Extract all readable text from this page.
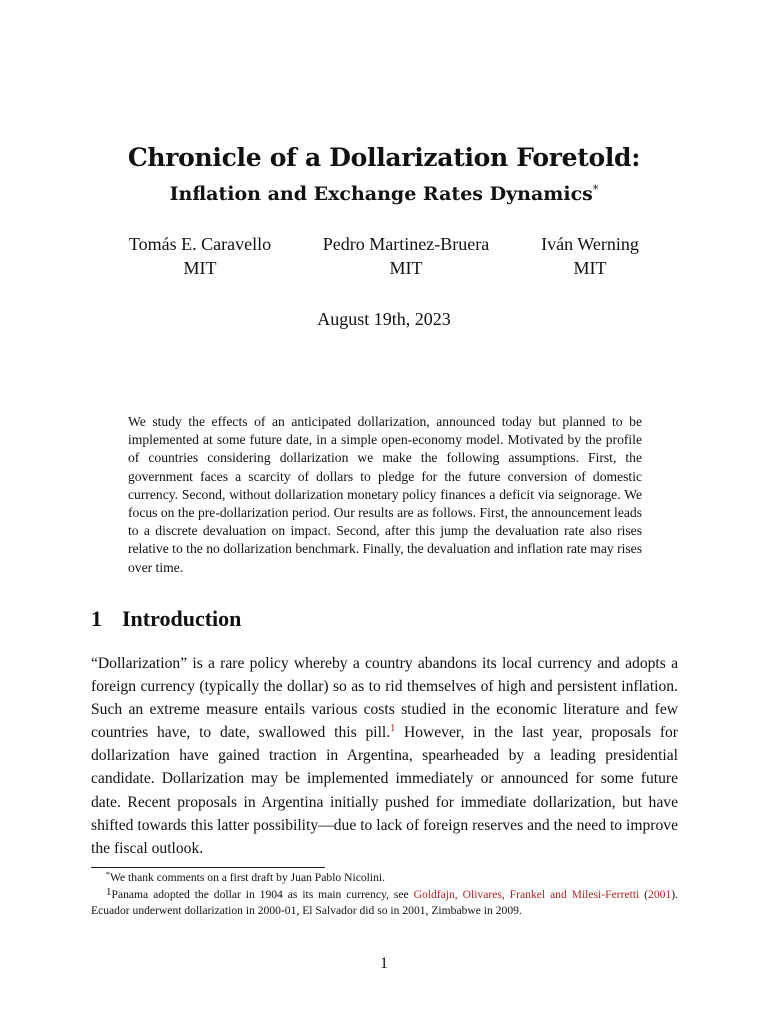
Chronicle of a Dollarization Foretold:
Inflation and Exchange Rates Dynamics*
Tomás E. Caravello
MIT
Pedro Martinez-Bruera
MIT
Iván Werning
MIT
August 19th, 2023

We study the effects of an anticipated dollarization, announced today but planned to be implemented at some future date, in a simple open-economy model. Motivated by the profile of countries considering dollarization we make the following assumptions. First, the government faces a scarcity of dollars to pledge for the future conversion of domestic currency. Second, without dollarization monetary policy finances a deficit via seignorage. We focus on the pre-dollarization period. Our results are as follows. First, the announcement leads to a discrete devaluation on impact. Second, after this jump the devaluation rate also rises relative to the no dollarization benchmark. Finally, the devaluation and inflation rate may rises over time.

1 Introduction

“Dollarization” is a rare policy whereby a country abandons its local currency and adopts a foreign currency (typically the dollar) so as to rid themselves of high and persistent inflation. Such an extreme measure entails various costs studied in the economic literature and few countries have, to date, swallowed this pill.$^1$ However, in the last year, proposals for dollarization have gained traction in Argentina, spearheaded by a leading presidential candidate. Dollarization may be implemented immediately or announced for some future date. Recent proposals in Argentina initially pushed for immediate dollarization, but have shifted towards this latter possibility—due to lack of foreign reserves and the need to improve the fiscal outlook.

*We thank comments on a first draft by Juan Pablo Nicolini.

1Panama adopted the dollar in 1904 as its main currency, see Goldfajn, Olivares, Frankel and Milesi-Ferretti (2001). Ecuador underwent dollarization in 2000-01, El Salvador did so in 2001, Zimbabwe in 2009.

1
